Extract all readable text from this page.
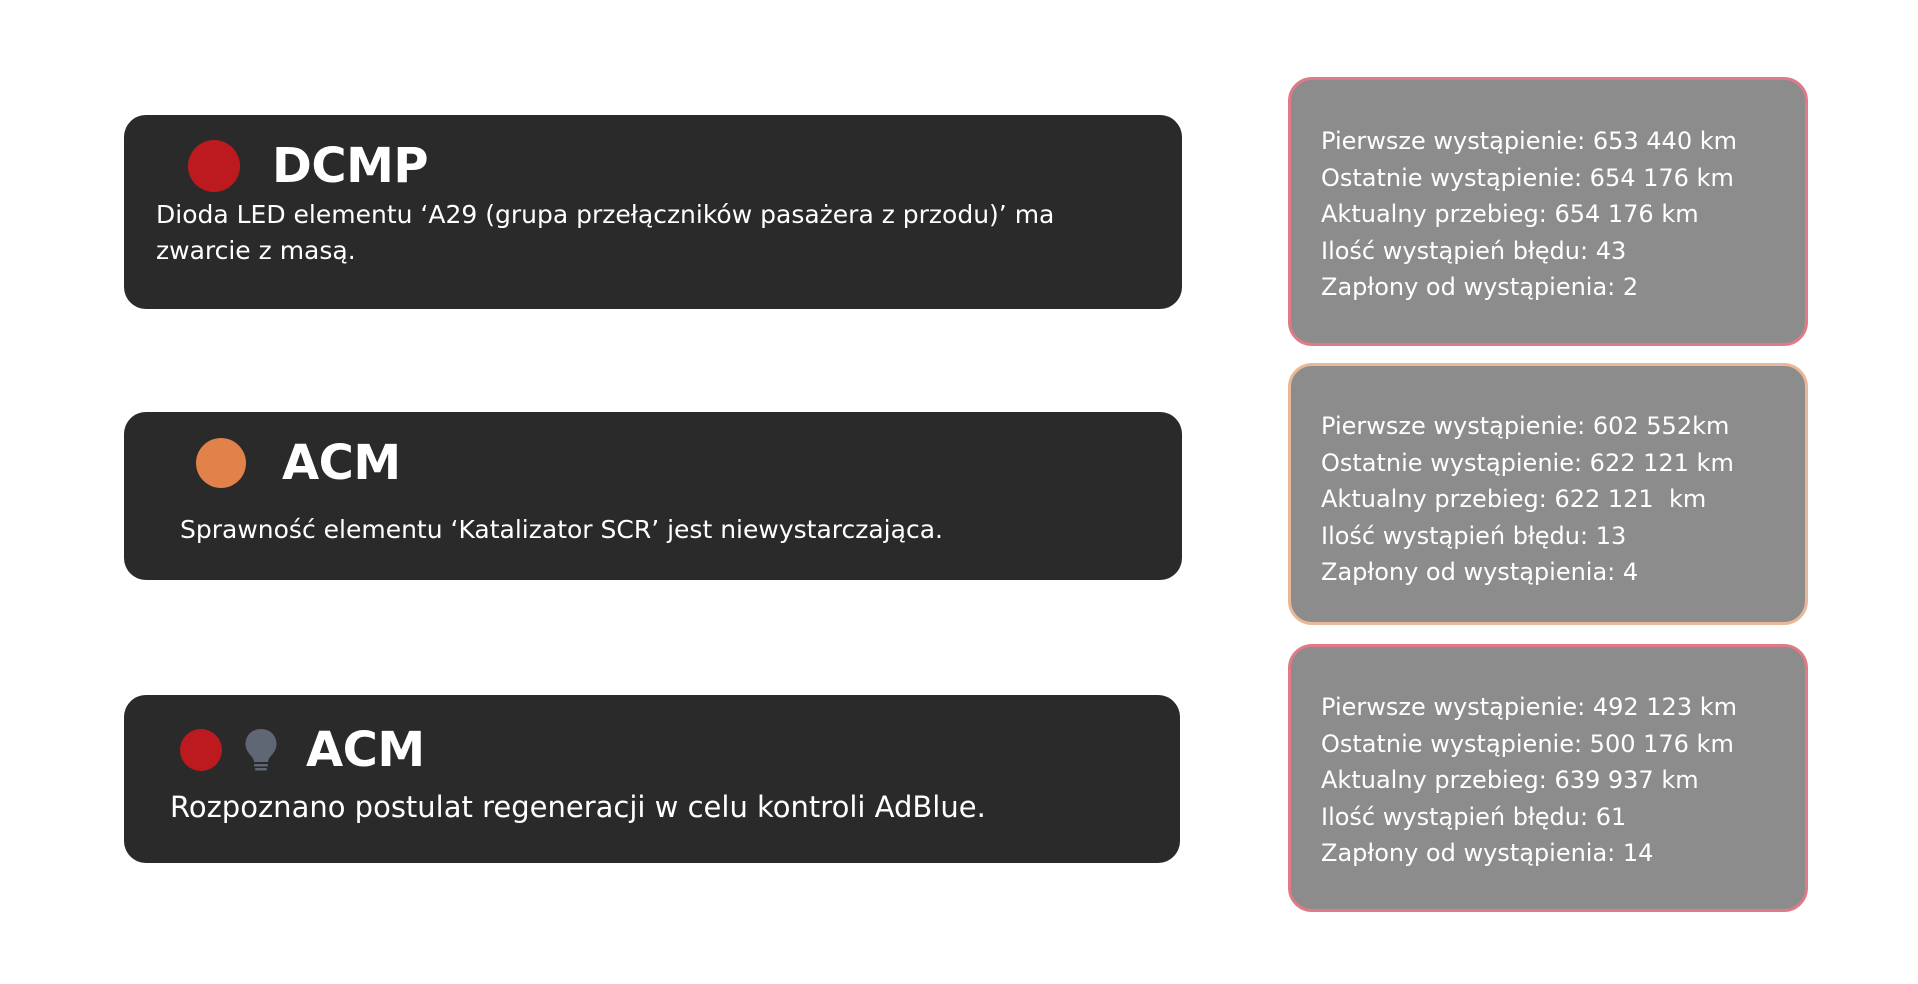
DCMP
Dioda LED elementu ‘A29 (grupa przełączników pasażera z przodu)’ ma
zwarcie z masą.
ACM
Sprawność elementu ‘Katalizator SCR’ jest niewystarczająca.
ACM
Rozpoznano postulat regeneracji w celu kontroli AdBlue.
Pierwsze wystąpienie: 653 440 km
Ostatnie wystąpienie: 654 176 km
Aktualny przebieg: 654 176 km
Ilość wystąpień błędu: 43
Zapłony od wystąpienia: 2
Pierwsze wystąpienie: 602 552km
Ostatnie wystąpienie: 622 121 km
Aktualny przebieg: 622 121  km
Ilość wystąpień błędu: 13
Zapłony od wystąpienia: 4
Pierwsze wystąpienie: 492 123 km
Ostatnie wystąpienie: 500 176 km
Aktualny przebieg: 639 937 km
Ilość wystąpień błędu: 61
Zapłony od wystąpienia: 14
